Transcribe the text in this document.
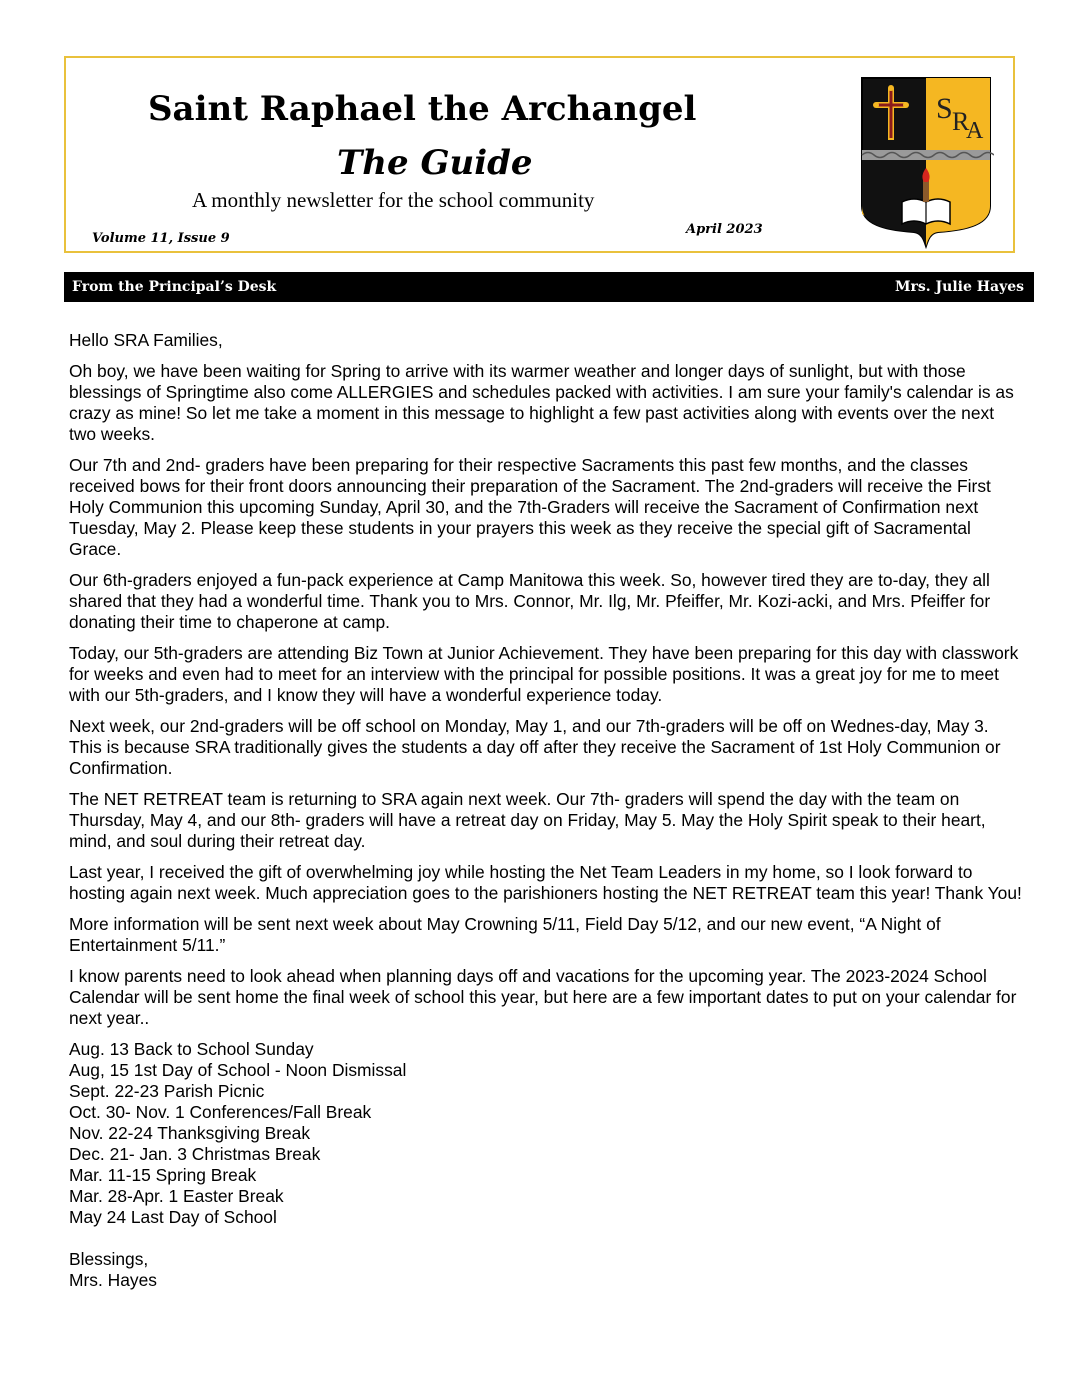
Saint Raphael the Archangel
The Guide
A monthly newsletter for the school community
Volume 11, Issue 9
April 2023
S R
A
From the Principal’s Desk	Mrs. Julie Hayes

Hello SRA Families,

Oh boy, we have been waiting for Spring to arrive with its warmer weather and longer days of sunlight, but with those blessings of Springtime also come ALLERGIES and schedules packed with activities. I am sure your family's calendar is as crazy as mine! So let me take a moment in this message to highlight a few past activities along with events over the next two weeks.

Our 7th and 2nd- graders have been preparing for their respective Sacraments this past few months, and the classes received bows for their front doors announcing their preparation of the Sacrament. The 2nd-graders will receive the First Holy Communion this upcoming Sunday, April 30, and the 7th-Graders will receive the Sacrament of Confirmation next Tuesday, May 2. Please keep these students in your prayers this week as they receive the special gift of Sacramental Grace.

Our 6th-graders enjoyed a fun-pack experience at Camp Manitowa this week. So, however tired they are to-day, they all shared that they had a wonderful time. Thank you to Mrs. Connor, Mr. Ilg, Mr. Pfeiffer, Mr. Kozi-acki, and Mrs. Pfeiffer for donating their time to chaperone at camp.

Today, our 5th-graders are attending Biz Town at Junior Achievement. They have been preparing for this day with classwork for weeks and even had to meet for an interview with the principal for possible positions. It was a great joy for me to meet with our 5th-graders, and I know they will have a wonderful experience today.

Next week, our 2nd-graders will be off school on Monday, May 1, and our 7th-graders will be off on Wednes-day, May 3. This is because SRA traditionally gives the students a day off after they receive the Sacrament of 1st Holy Communion or Confirmation.

The NET RETREAT team is returning to SRA again next week. Our 7th- graders will spend the day with the team on Thursday, May 4, and our 8th- graders will have a retreat day on Friday, May 5. May the Holy Spirit speak to their heart, mind, and soul during their retreat day.

Last year, I received the gift of overwhelming joy while hosting the Net Team Leaders in my home, so I look forward to hosting again next week. Much appreciation goes to the parishioners hosting the NET RETREAT team this year! Thank You!

More information will be sent next week about May Crowning 5/11, Field Day 5/12, and our new event, “A Night of Entertainment 5/11.”

I know parents need to look ahead when planning days off and vacations for the upcoming year. The 2023-2024 School Calendar will be sent home the final week of school this year, but here are a few important dates to put on your calendar for next year..

Aug. 13 Back to School Sunday
Aug, 15 1st Day of School - Noon Dismissal
Sept. 22-23 Parish Picnic
Oct. 30- Nov. 1 Conferences/Fall Break
Nov. 22-24 Thanksgiving Break
Dec. 21- Jan. 3 Christmas Break
Mar. 11-15 Spring Break
Mar. 28-Apr. 1 Easter Break
May 24 Last Day of School
Blessings,
Mrs. Hayes
